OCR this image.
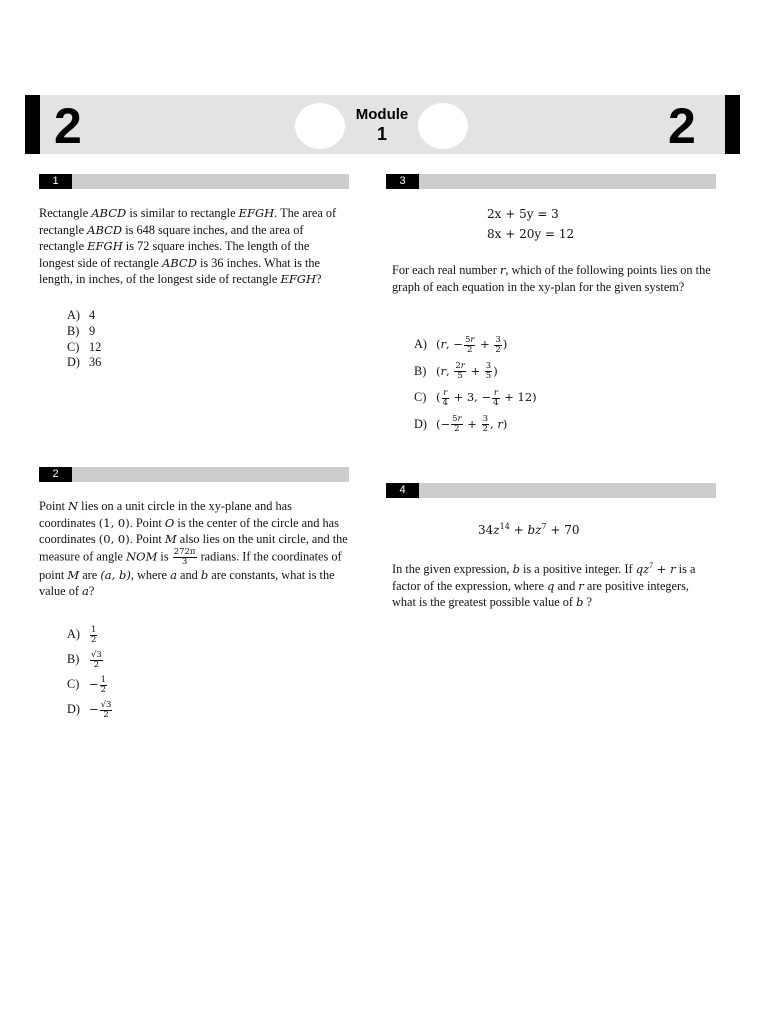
2	2
Module
1
1
Rectangle ABCD is similar to rectangle EFGH. The area of rectangle ABCD is 648 square inches, and the area of rectangle EFGH is 72 square inches. The length of the longest side of rectangle ABCD is 36 inches. What is the length, in inches, of the longest side of rectangle EFGH?
A) 4
B) 9
C) 12
D) 36
2
Point N lies on a unit circle in the xy-plane and has coordinates (1, 0). Point O is the center of the circle and has coordinates (0, 0). Point M also lies on the unit circle, and the measure of angle NOM is $\frac{272\pi}{3}$ radians. If the coordinates of point M are (a, b), where a and b are constants, what is the value of a?
$A) \frac{1}{2}$
$B) \frac{√3}{2}$
$C) - \frac{1}{2}$
$D) - \frac{√3}{2}$
3
2x + 5y = 3
8x + 20y = 12
For each real number r, which of the following points lies on the graph of each equation in the xy-plan for the given system?
A) (r, − $\frac{5r}{2} + \frac{3}{2}$ )
B) (r, $\frac{2r}{5} + \frac{3}{5}$ )
C) ( $\frac{r}{4} + 3$, − $\frac{r}{4} + 12$)
D) (− $\frac{5r}{2} + \frac{3}{2}$ , r)
4
$34z^{14} + bz^7 + 70$
In the given expression, b is a positive integer. If $qz^7 + r$ is a factor of the expression, where q and r are positive integers, what is the greatest possible value of b ?
